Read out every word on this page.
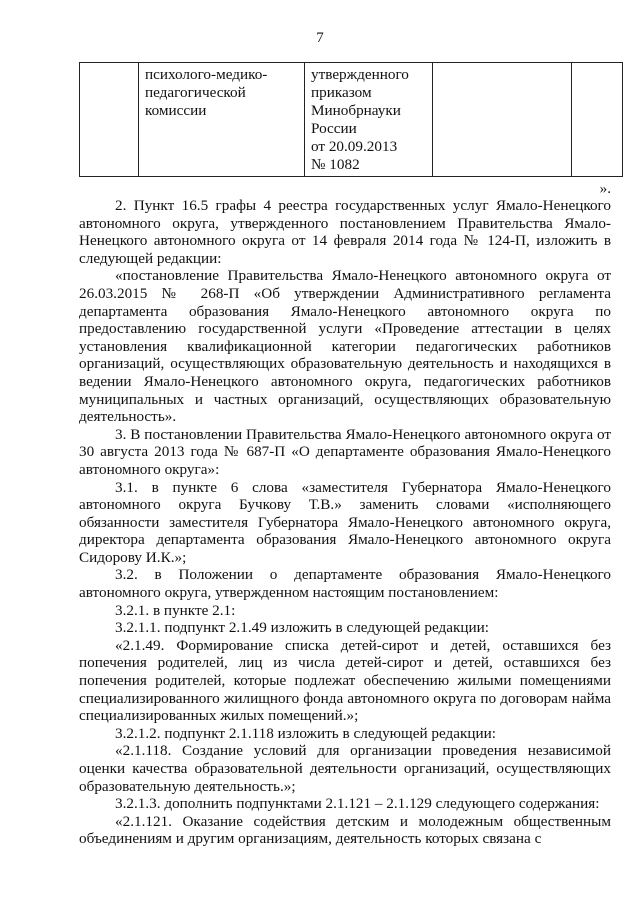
7

психолого-медико-
педагогической
комиссии

утвержденного
приказом
Минобрнауки
России
от 20.09.2013
№ 1082

».

2. Пункт 16.5 графы 4 реестра государственных услуг Ямало-Ненецкого автономного округа, утвержденного постановлением Правительства Ямало-Ненецкого автономного округа от 14 февраля 2014 года № 124-П, изложить в следующей редакции:

«постановление Правительства Ямало-Ненецкого автономного округа от 26.03.2015 № 268-П «Об утверждении Административного регламента департамента образования Ямало-Ненецкого автономного округа по предоставлению государственной услуги «Проведение аттестации в целях установления квалификационной категории педагогических работников организаций, осуществляющих образовательную деятельность и находящихся в ведении Ямало-Ненецкого автономного округа, педагогических работников муниципальных и частных организаций, осуществляющих образовательную деятельность».

3. В постановлении Правительства Ямало-Ненецкого автономного округа от 30 августа 2013 года № 687-П «О департаменте образования Ямало-Ненецкого автономного округа»:

3.1. в пункте 6 слова «заместителя Губернатора Ямало-Ненецкого автономного округа Бучкову Т.В.» заменить словами «исполняющего обязанности заместителя Губернатора Ямало-Ненецкого автономного округа, директора департамента образования Ямало-Ненецкого автономного округа Сидорову И.К.»;

3.2. в Положении о департаменте образования Ямало-Ненецкого автономного округа, утвержденном настоящим постановлением:

3.2.1. в пункте 2.1:

3.2.1.1. подпункт 2.1.49 изложить в следующей редакции:

«2.1.49. Формирование списка детей-сирот и детей, оставшихся без попечения родителей, лиц из числа детей-сирот и детей, оставшихся без попечения родителей, которые подлежат обеспечению жилыми помещениями специализированного жилищного фонда автономного округа по договорам найма специализированных жилых помещений.»;

3.2.1.2. подпункт 2.1.118 изложить в следующей редакции:

«2.1.118. Создание условий для организации проведения независимой оценки качества образовательной деятельности организаций, осуществляющих образовательную деятельность.»;

3.2.1.3. дополнить подпунктами 2.1.121 – 2.1.129 следующего содержания:

«2.1.121. Оказание содействия детским и молодежным общественным объединениям и другим организациям, деятельность которых связана с
